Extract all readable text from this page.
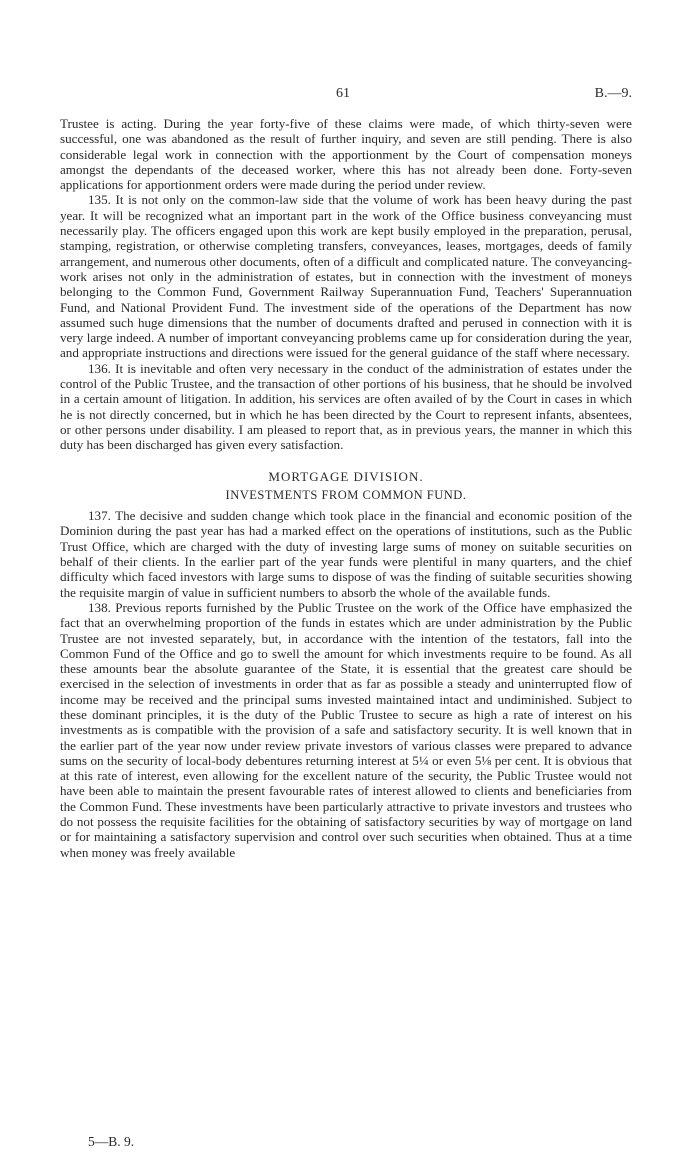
61	B.—9.

Trustee is acting. During the year forty-five of these claims were made, of which thirty-seven were successful, one was abandoned as the result of further inquiry, and seven are still pending. There is also considerable legal work in connection with the apportionment by the Court of compensation moneys amongst the dependants of the deceased worker, where this has not already been done. Forty-seven applications for apportionment orders were made during the period under review.

135. It is not only on the common-law side that the volume of work has been heavy during the past year. It will be recognized what an important part in the work of the Office business conveyancing must necessarily play. The officers engaged upon this work are kept busily employed in the preparation, perusal, stamping, registration, or otherwise completing transfers, conveyances, leases, mortgages, deeds of family arrangement, and numerous other documents, often of a difficult and complicated nature. The conveyancing-work arises not only in the administration of estates, but in connection with the investment of moneys belonging to the Common Fund, Government Railway Superannuation Fund, Teachers' Superannuation Fund, and National Provident Fund. The investment side of the operations of the Department has now assumed such huge dimensions that the number of documents drafted and perused in connection with it is very large indeed. A number of important conveyancing problems came up for consideration during the year, and appropriate instructions and directions were issued for the general guidance of the staff where necessary.

136. It is inevitable and often very necessary in the conduct of the administration of estates under the control of the Public Trustee, and the transaction of other portions of his business, that he should be involved in a certain amount of litigation. In addition, his services are often availed of by the Court in cases in which he is not directly concerned, but in which he has been directed by the Court to represent infants, absentees, or other persons under disability. I am pleased to report that, as in previous years, the manner in which this duty has been discharged has given every satisfaction.

MORTGAGE DIVISION.

INVESTMENTS FROM COMMON FUND.

137. The decisive and sudden change which took place in the financial and economic position of the Dominion during the past year has had a marked effect on the operations of institutions, such as the Public Trust Office, which are charged with the duty of investing large sums of money on suitable securities on behalf of their clients. In the earlier part of the year funds were plentiful in many quarters, and the chief difficulty which faced investors with large sums to dispose of was the finding of suitable securities showing the requisite margin of value in sufficient numbers to absorb the whole of the available funds.

138. Previous reports furnished by the Public Trustee on the work of the Office have emphasized the fact that an overwhelming proportion of the funds in estates which are under administration by the Public Trustee are not invested separately, but, in accordance with the intention of the testators, fall into the Common Fund of the Office and go to swell the amount for which investments require to be found. As all these amounts bear the absolute guarantee of the State, it is essential that the greatest care should be exercised in the selection of investments in order that as far as possible a steady and uninterrupted flow of income may be received and the principal sums invested maintained intact and undiminished. Subject to these dominant principles, it is the duty of the Public Trustee to secure as high a rate of interest on his investments as is compatible with the provision of a safe and satisfactory security. It is well known that in the earlier part of the year now under review private investors of various classes were prepared to advance sums on the security of local-body debentures returning interest at 5¼ or even 5⅛ per cent. It is obvious that at this rate of interest, even allowing for the excellent nature of the security, the Public Trustee would not have been able to maintain the present favourable rates of interest allowed to clients and beneficiaries from the Common Fund. These investments have been particularly attractive to private investors and trustees who do not possess the requisite facilities for the obtaining of satisfactory securities by way of mortgage on land or for maintaining a satisfactory supervision and control over such securities when obtained. Thus at a time when money was freely available

5—B. 9.
